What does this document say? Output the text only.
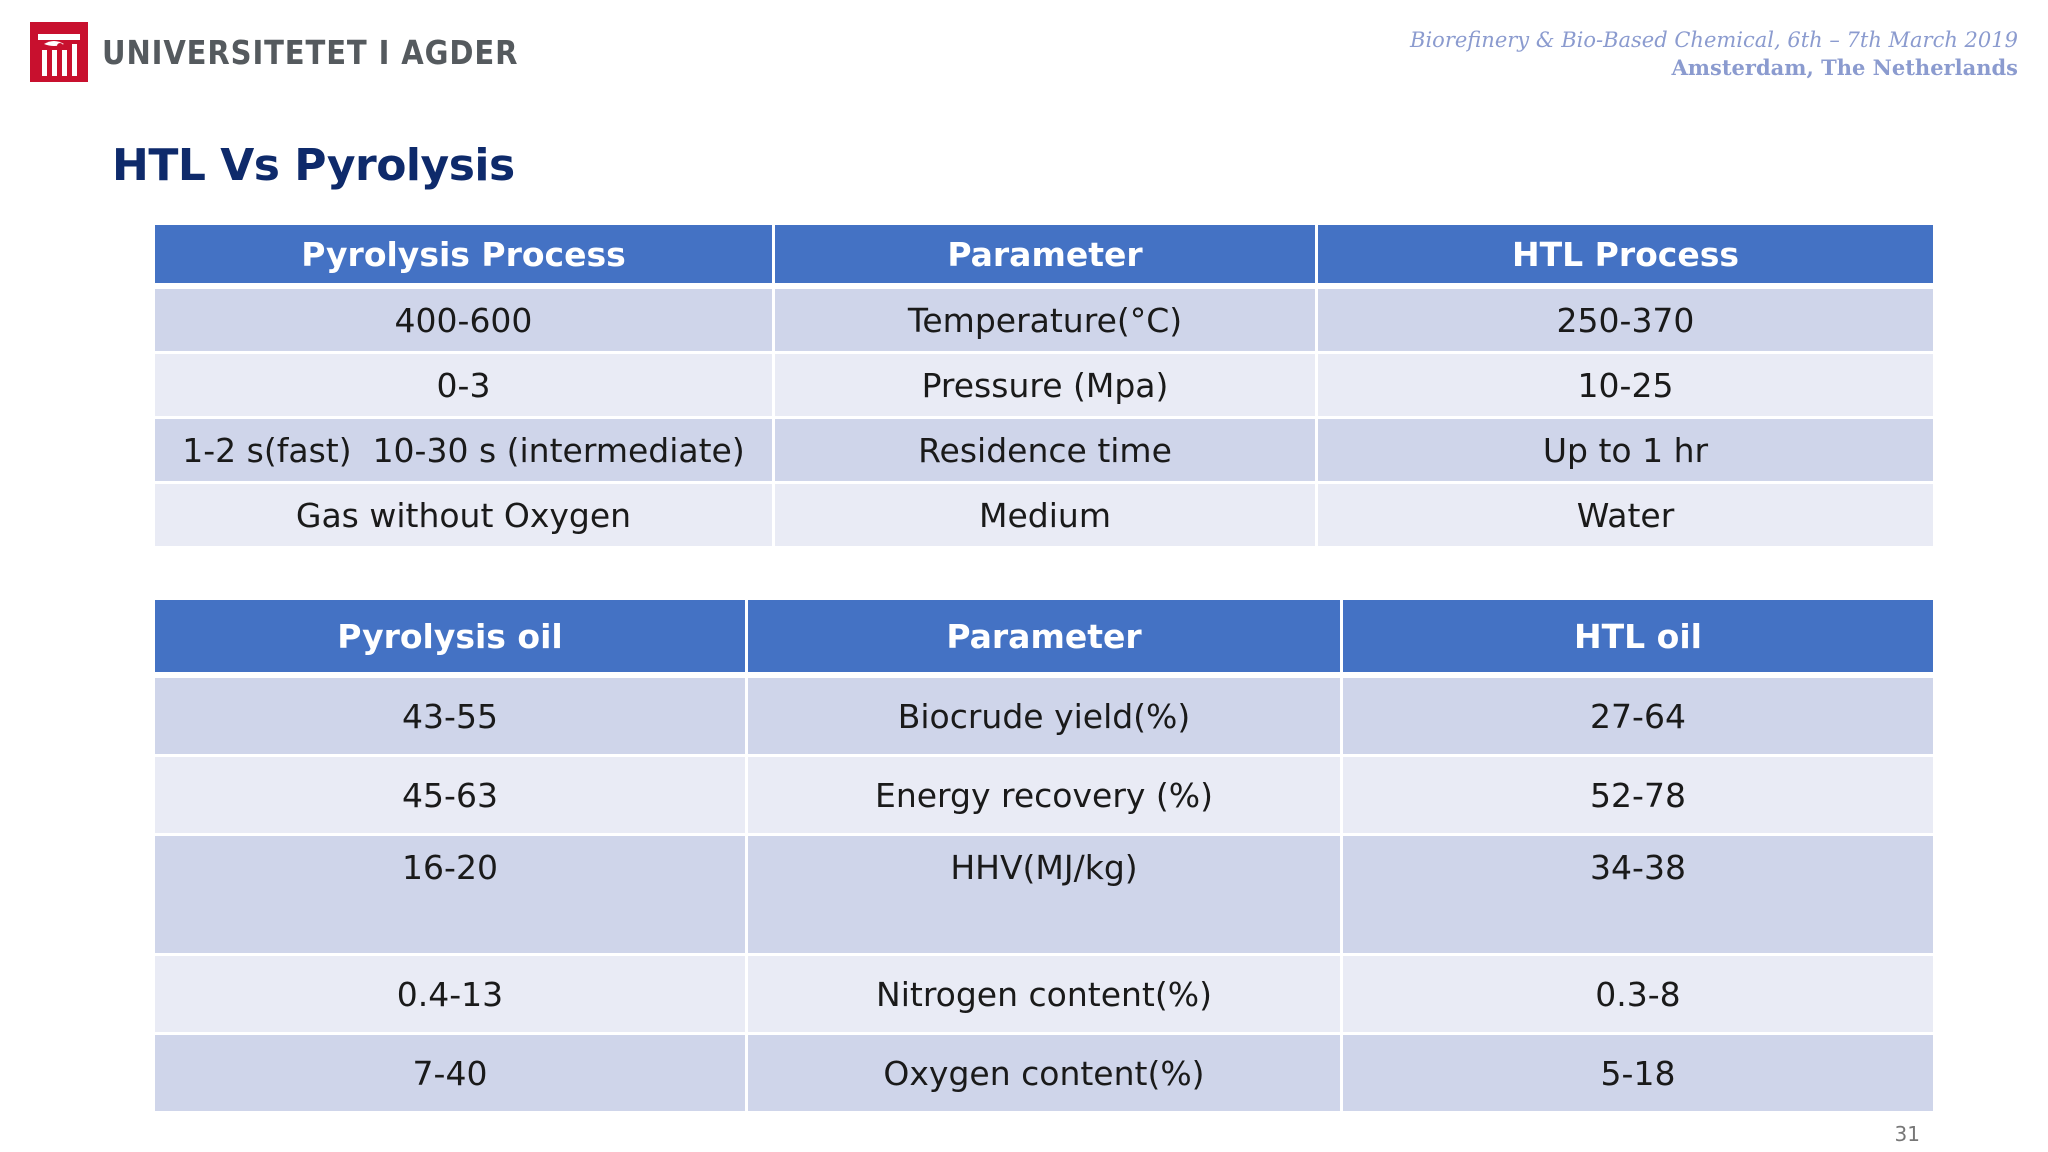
UNIVERSITETET I AGDER	Biorefinery & Bio-Based Chemical, 6th – 7th March 2019
Amsterdam, The Netherlands
HTL Vs Pyrolysis
Pyrolysis Process	Parameter	HTL Process
400-600	Temperature(°C)	250-370
0-3	Pressure (Mpa)	10-25
1-2 s(fast)  10-30 s (intermediate)	Residence time	Up to 1 hr
Gas without Oxygen	Medium	Water
Pyrolysis oil	Parameter	HTL oil
43-55	Biocrude yield(%)	27-64
45-63	Energy recovery (%)	52-78
16-20	HHV(MJ/kg)	34-38
0.4-13	Nitrogen content(%)	0.3-8
7-40	Oxygen content(%)	5-18
31
